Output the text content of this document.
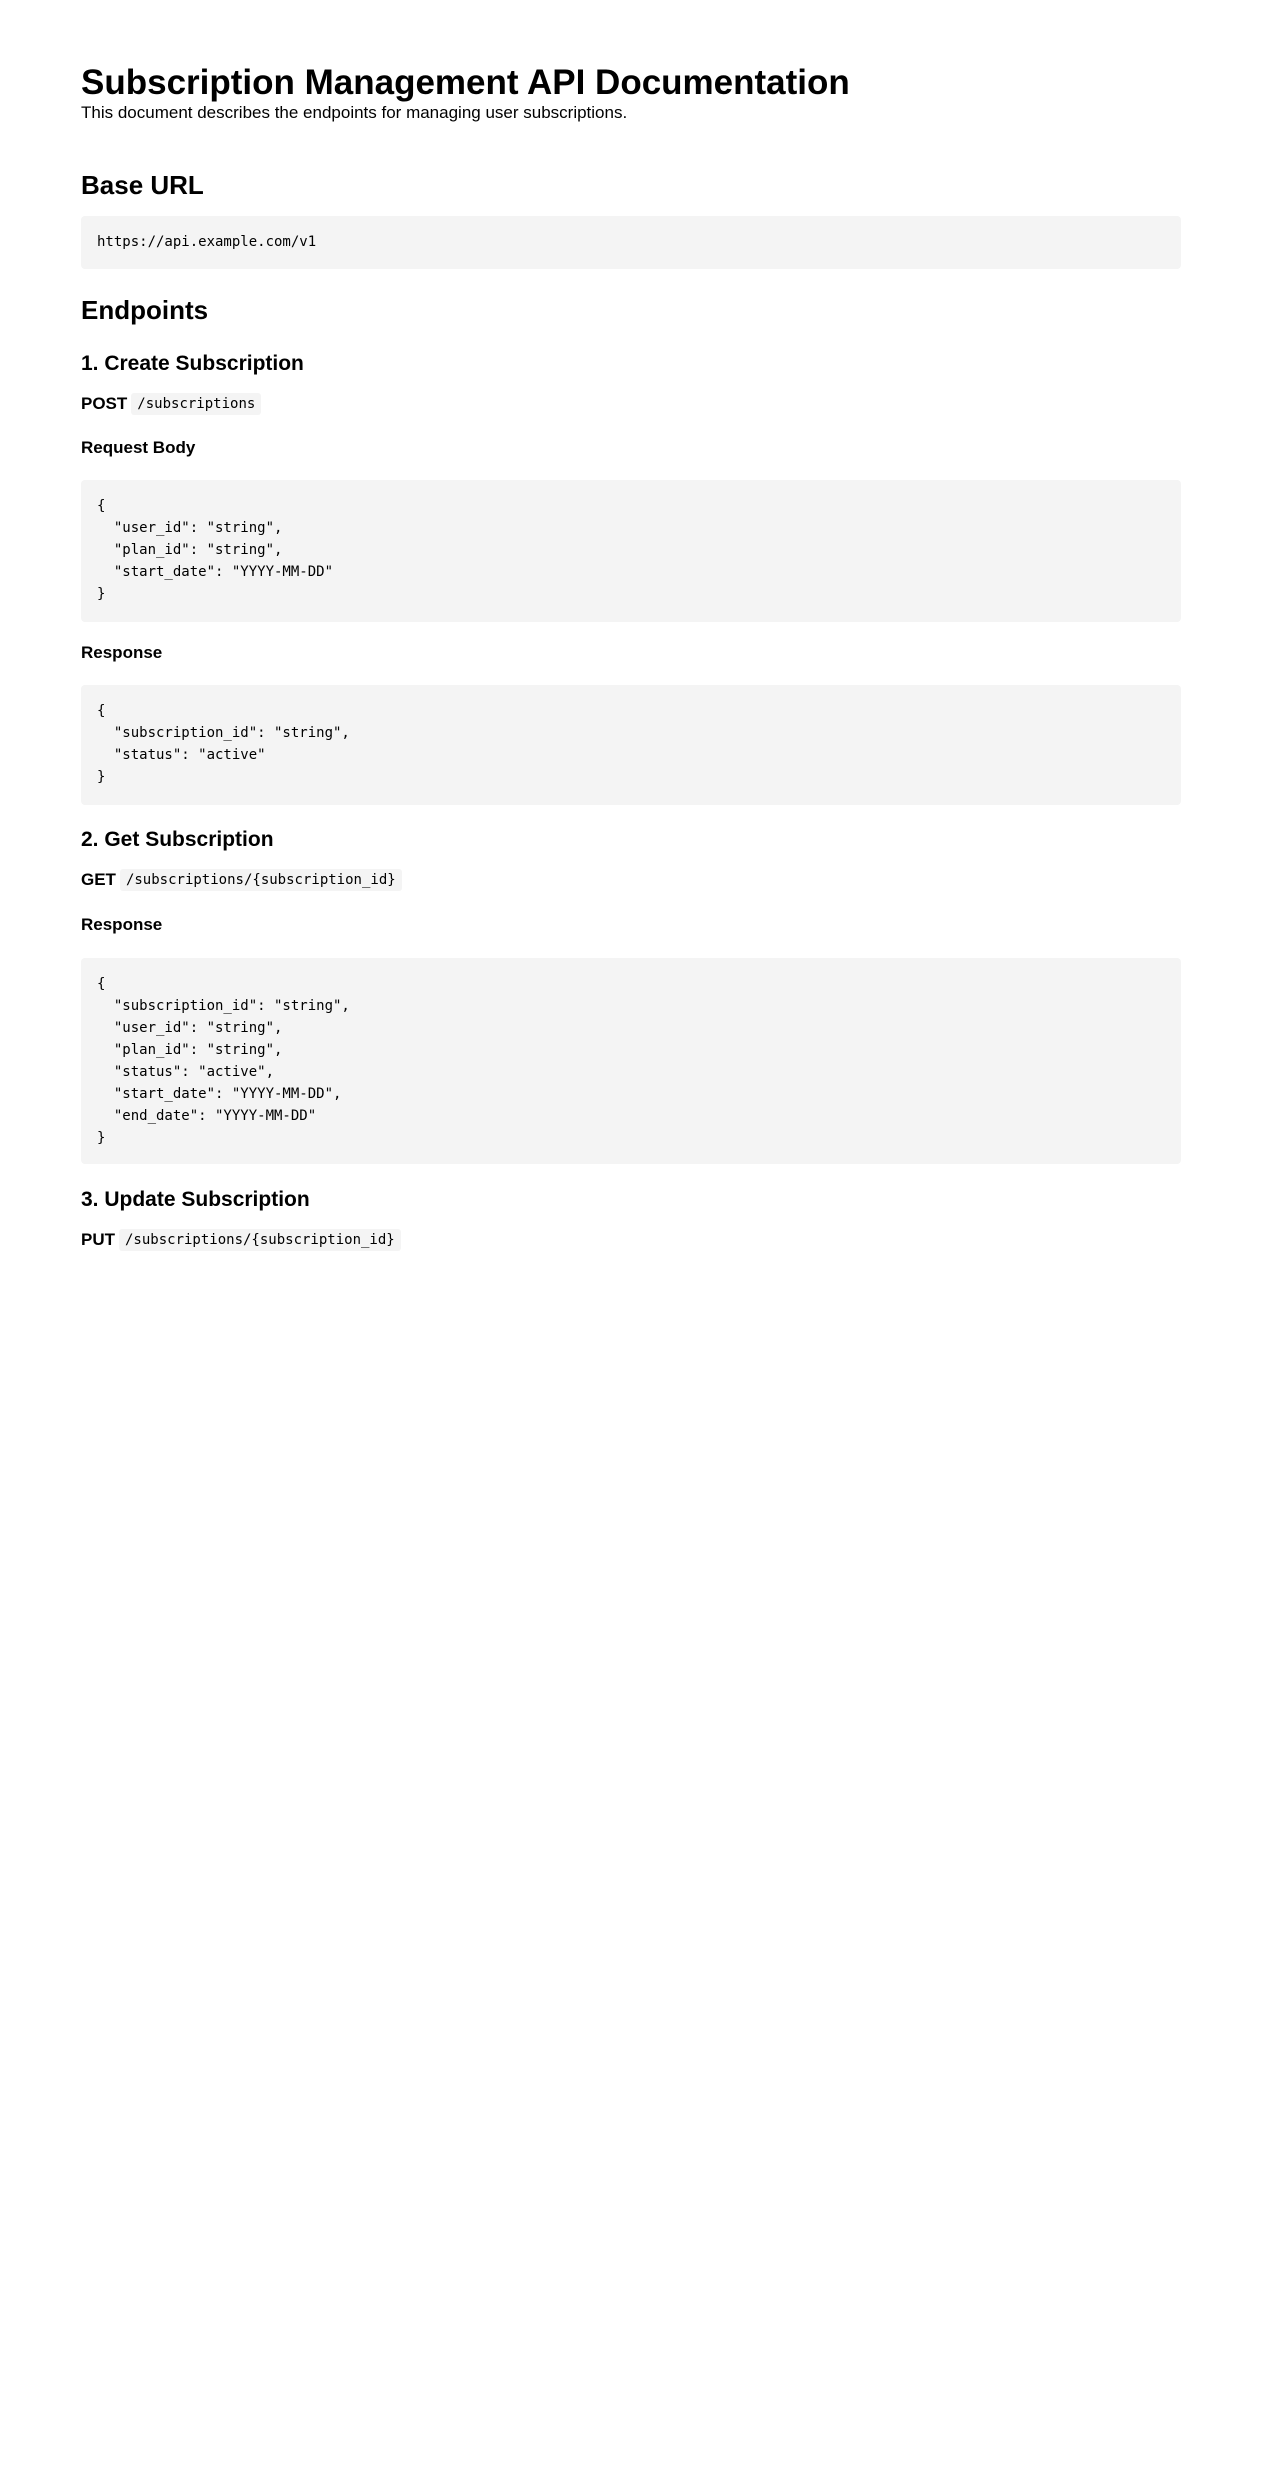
Subscription Management API Documentation

This document describes the endpoints for managing user subscriptions.

Base URL
https://api.example.com/v1
Endpoints
1. Create Subscription
POST /subscriptions
Request Body
{
"user_id": "string",
"plan_id": "string",
"start_date": "YYYY-MM-DD"
}
Response
{
"subscription_id": "string",
"status": "active"
}
2. Get Subscription
GET /subscriptions/{subscription_id}
Response
{
"subscription_id": "string",
"user_id": "string",
"plan_id": "string",
"status": "active",
"start_date": "YYYY-MM-DD",
"end_date": "YYYY-MM-DD"
}
3. Update Subscription
PUT /subscriptions/{subscription_id}
